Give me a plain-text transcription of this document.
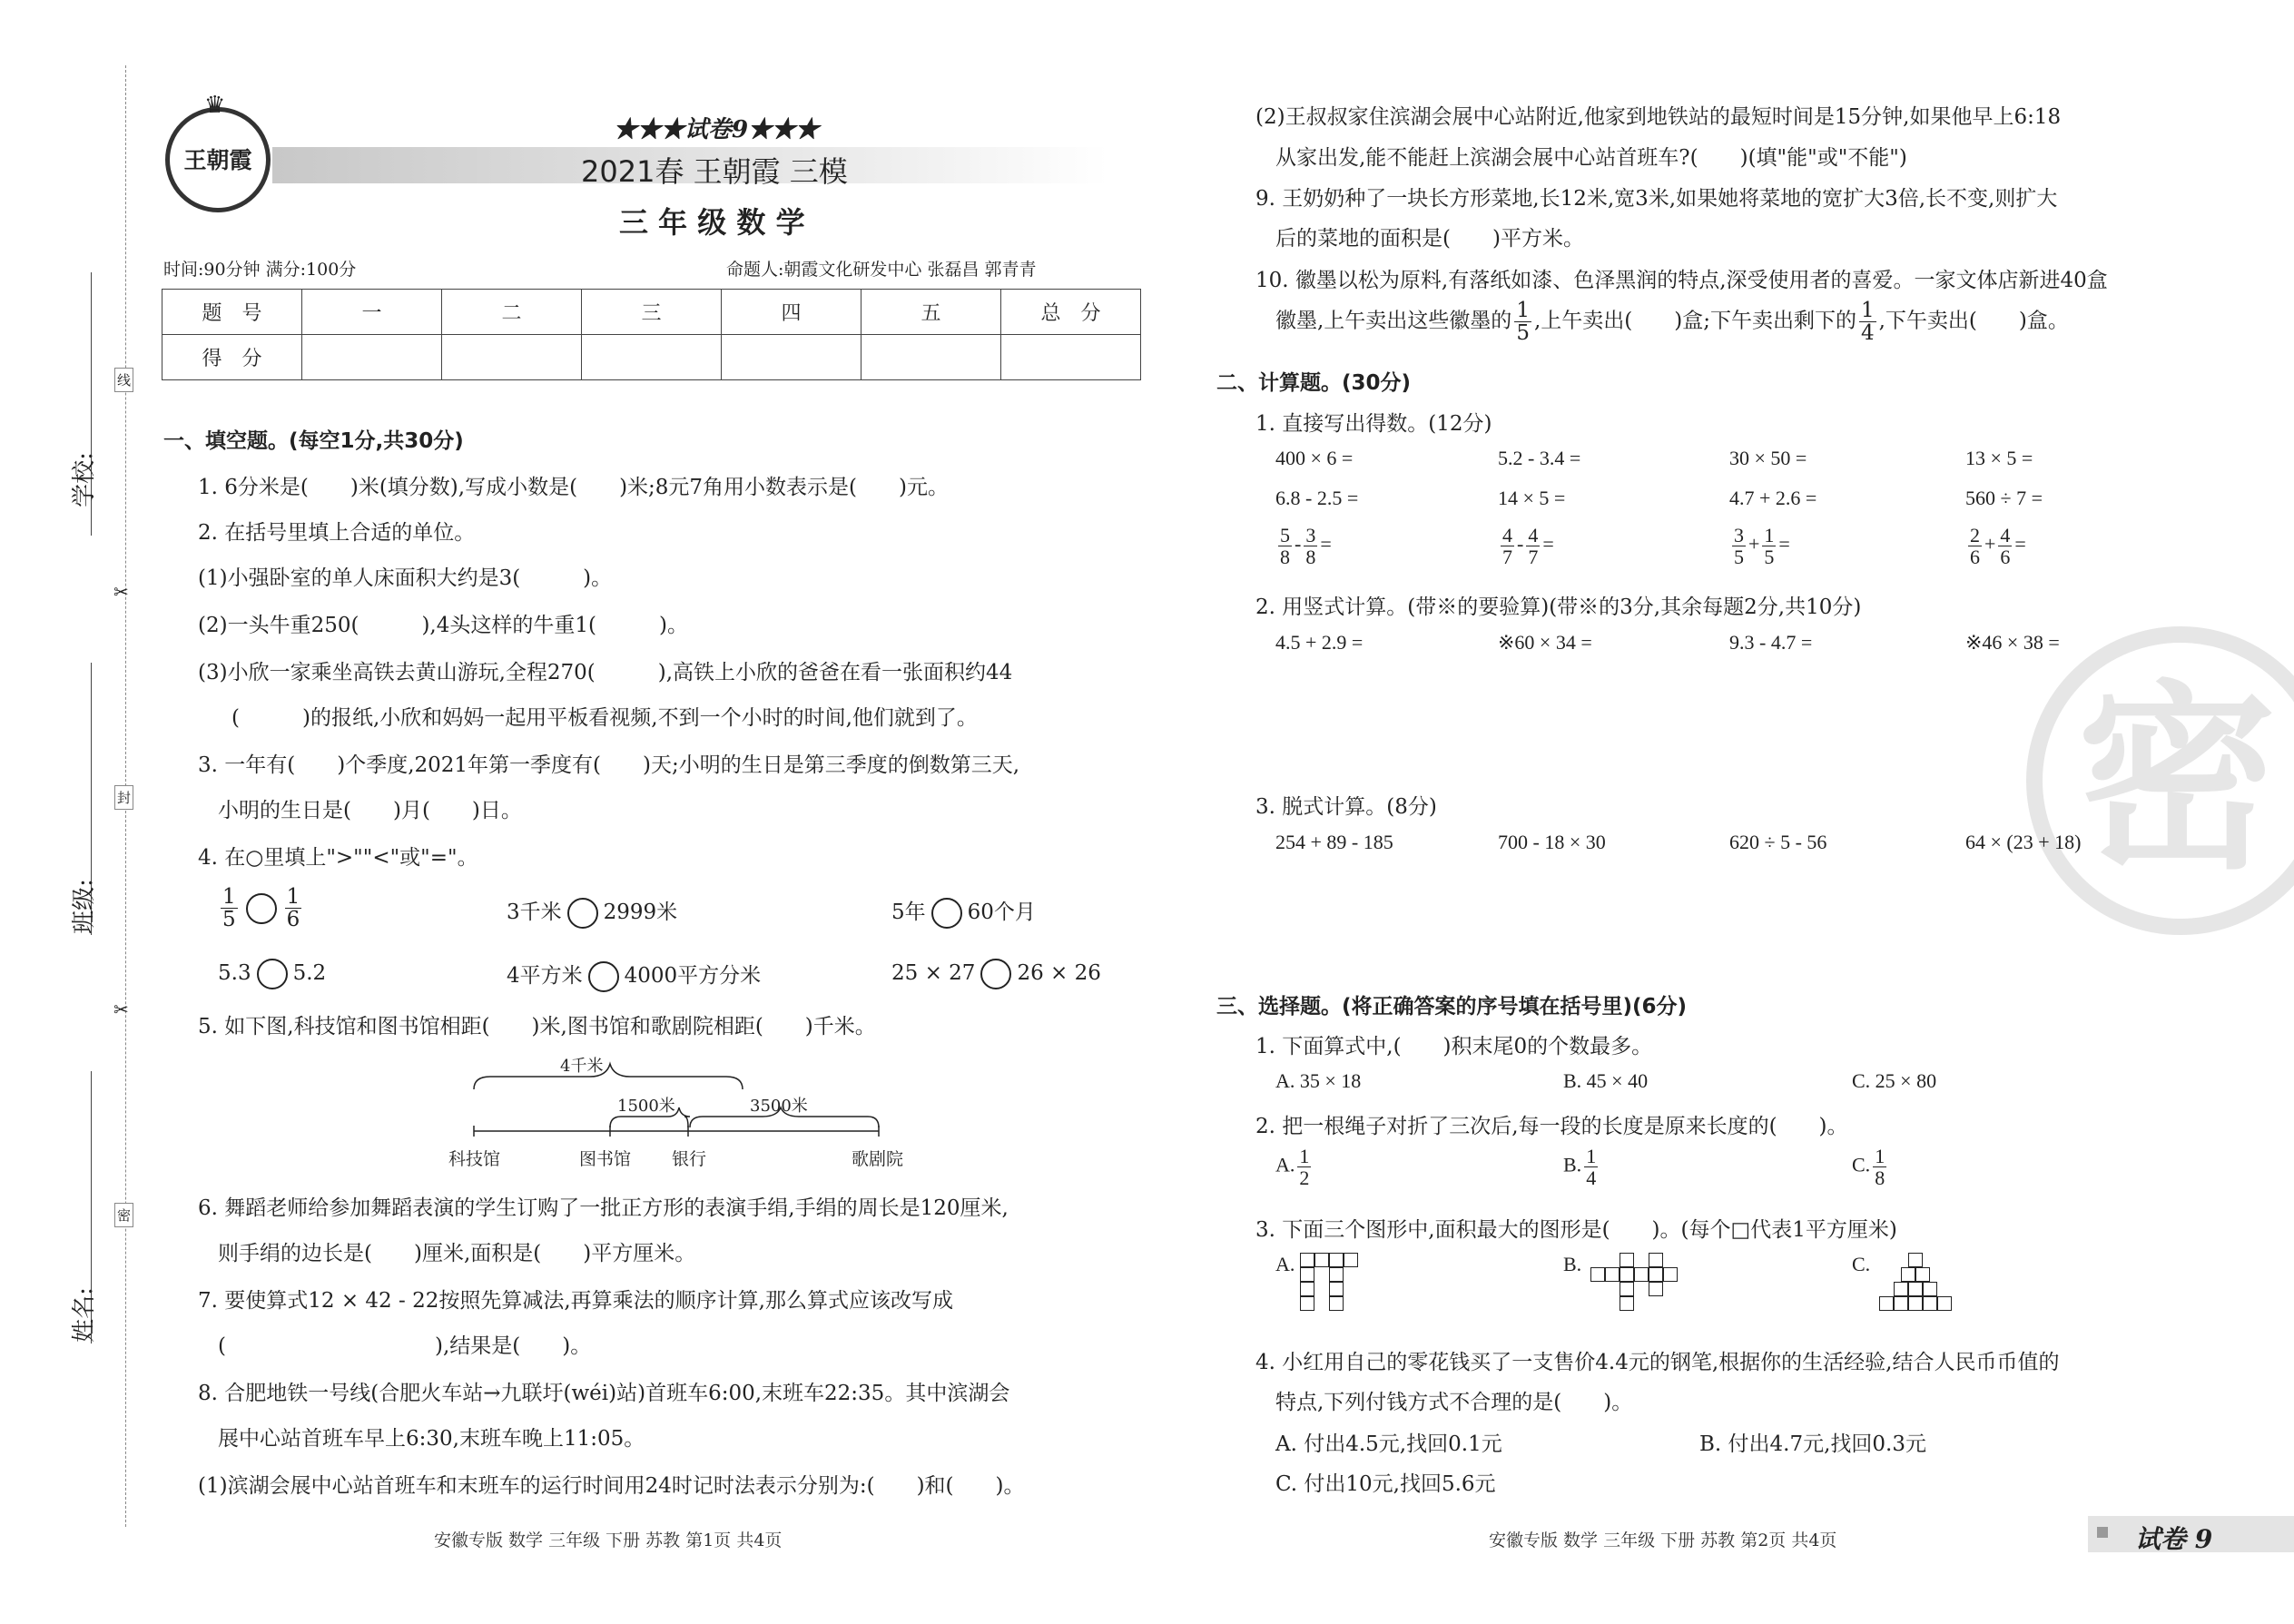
学校:
班级:
姓名:
线
封
密
✂
✂
♛
王朝霞
★★★试卷9★★★
2021春 王朝霞 三模
三 年 级 数 学
时间:90分钟 满分:100分	命题人:朝霞文化研发中心 张磊昌 郭青青
题　号	一	二	三	四	五	总　分
得　分						
一、填空题。(每空1分,共30分)
1. 6分米是(　　)米(填分数),写成小数是(　　)米;8元7角用小数表示是(　　)元。
2. 在括号里填上合适的单位。
(1)小强卧室的单人床面积大约是3(　　　)。
(2)一头牛重250(　　　),4头这样的牛重1(　　　)。
(3)小欣一家乘坐高铁去黄山游玩,全程270(　　　),高铁上小欣的爸爸在看一张面积约44
(　　　)的报纸,小欣和妈妈一起用平板看视频,不到一个小时的时间,他们就到了。
3. 一年有(　　)个季度,2021年第一季度有(　　)天;小明的生日是第三季度的倒数第三天,
小明的生日是(　　)月(　　)日。
4. 在○里填上">""<"或"="。
$\frac{1}{5} \frac{1}{6}$	3千米 2999米	5年 60个月
5.3 5.2	4平方米 4000平方分米	25 × 27 26 × 26
5. 如下图,科技馆和图书馆相距(　　)米,图书馆和歌剧院相距(　　)千米。
4千米
1500米	3500米
科技馆	图书馆 银行	歌剧院
6. 舞蹈老师给参加舞蹈表演的学生订购了一批正方形的表演手绢,手绢的周长是120厘米,
则手绢的边长是(　　)厘米,面积是(　　)平方厘米。
7. 要使算式12 × 42 - 22按照先算减法,再算乘法的顺序计算,那么算式应该改写成
(　　　　　　　　　　),结果是(　　)。
8. 合肥地铁一号线(合肥火车站→九联圩(wéi)站)首班车6:00,末班车22:35。其中滨湖会
展中心站首班车早上6:30,末班车晚上11:05。
(1)滨湖会展中心站首班车和末班车的运行时间用24时记时法表示分别为:(　　)和(　　)。
安徽专版 数学 三年级 下册 苏教 第1页 共4页
(2)王叔叔家住滨湖会展中心站附近,他家到地铁站的最短时间是15分钟,如果他早上6:18
从家出发,能不能赶上滨湖会展中心站首班车?(　　)(填"能"或"不能")
9. 王奶奶种了一块长方形菜地,长12米,宽3米,如果她将菜地的宽扩大3倍,长不变,则扩大
后的菜地的面积是(　　)平方米。
10. 徽墨以松为原料,有落纸如漆、色泽黑润的特点,深受使用者的喜爱。一家文体店新进40盒
徽墨,上午卖出这些徽墨的 $\frac{1}{5}$ ,上午卖出(　　)盒;下午卖出剩下的 $\frac{1}{4}$ ,下午卖出(　　)盒。
二、计算题。(30分)
1. 直接写出得数。(12分)
400 × 6 =	5.2 - 3.4 =	30 × 50 =	13 × 5 =
6.8 - 2.5 =	14 × 5 =	4.7 + 2.6 =	560 ÷ 7 =
$\frac{5}{8} - \frac{3}{8}$ =	$\frac{4}{7} - \frac{4}{7}$ =	$\frac{3}{5} + \frac{1}{5}$ =	$\frac{2}{6} + \frac{4}{6}$ =
2. 用竖式计算。(带※的要验算)(带※的3分,其余每题2分,共10分)
4.5 + 2.9 =	※60 × 34 =	9.3 - 4.7 =	※46 × 38 =
密
3. 脱式计算。(8分)
254 + 89 - 185	700 - 18 × 30	620 ÷ 5 - 56	64 × (23 + 18)
三、选择题。(将正确答案的序号填在括号里)(6分)
1. 下面算式中,(　　)积末尾0的个数最多。
A. 35 × 18	B. 45 × 40	C. 25 × 80
2. 把一根绳子对折了三次后,每一段的长度是原来长度的(　　)。
A. $\frac{1}{2}$	B. $\frac{1}{4}$	C. $\frac{1}{8}$
3. 下面三个图形中,面积最大的图形是(　　)。(每个□代表1平方厘米)
A.	B.	C.
4. 小红用自己的零花钱买了一支售价4.4元的钢笔,根据你的生活经验,结合人民币币值的
特点,下列付钱方式不合理的是(　　)。
A. 付出4.5元,找回0.1元	B. 付出4.7元,找回0.3元
C. 付出10元,找回5.6元
安徽专版 数学 三年级 下册 苏教 第2页 共4页	试卷 9
